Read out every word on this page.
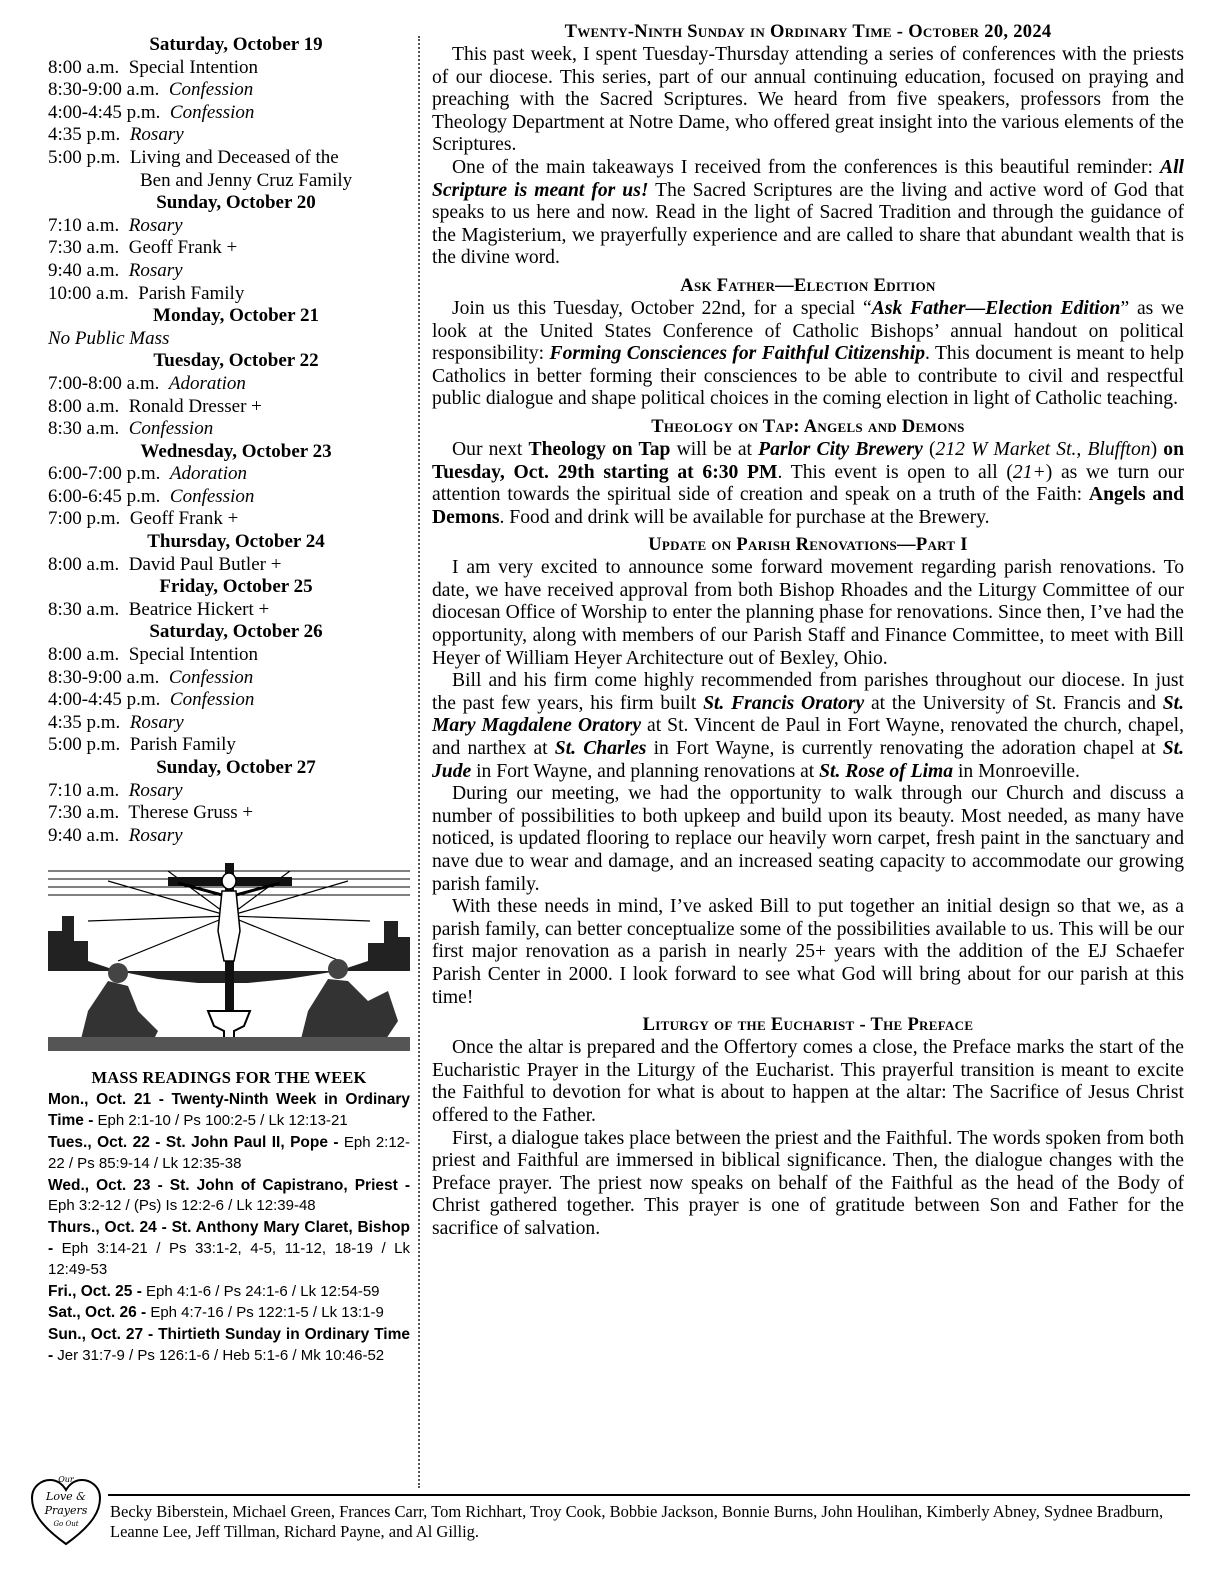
Saturday, October 19
8:00 a.m. Special Intention
8:30-9:00 a.m. Confession
4:00-4:45 p.m. Confession
4:35 p.m. Rosary
5:00 p.m. Living and Deceased of the
Ben and Jenny Cruz Family
Sunday, October 20
7:10 a.m. Rosary
7:30 a.m. Geoff Frank +
9:40 a.m. Rosary
10:00 a.m. Parish Family
Monday, October 21
No Public Mass
Tuesday, October 22
7:00-8:00 a.m. Adoration
8:00 a.m. Ronald Dresser +
8:30 a.m. Confession
Wednesday, October 23
6:00-7:00 p.m. Adoration
6:00-6:45 p.m. Confession
7:00 p.m. Geoff Frank +
Thursday, October 24
8:00 a.m. David Paul Butler +
Friday, October 25
8:30 a.m. Beatrice Hickert +
Saturday, October 26
8:00 a.m. Special Intention
8:30-9:00 a.m. Confession
4:00-4:45 p.m. Confession
4:35 p.m. Rosary
5:00 p.m. Parish Family
Sunday, October 27
7:10 a.m. Rosary
7:30 a.m. Therese Gruss +
9:40 a.m. Rosary
MASS READINGS FOR THE WEEK
Mon., Oct. 21 - Twenty-Ninth Week in Ordinary Time - Eph 2:1-10 / Ps 100:2-5 / Lk 12:13-21
Tues., Oct. 22 - St. John Paul II, Pope - Eph 2:12-22 / Ps 85:9-14 / Lk 12:35-38
Wed., Oct. 23 - St. John of Capistrano, Priest - Eph 3:2-12 / (Ps) Is 12:2-6 / Lk 12:39-48
Thurs., Oct. 24 - St. Anthony Mary Claret, Bishop - Eph 3:14-21 / Ps 33:1-2, 4-5, 11-12, 18-19 / Lk 12:49-53
Fri., Oct. 25 - Eph 4:1-6 / Ps 24:1-6 / Lk 12:54-59
Sat., Oct. 26 - Eph 4:7-16 / Ps 122:1-5 / Lk 13:1-9
Sun., Oct. 27 - Thirtieth Sunday in Ordinary Time - Jer 31:7-9 / Ps 126:1-6 / Heb 5:1-6 / Mk 10:46-52
Twenty-Ninth Sunday in Ordinary Time - October 20, 2024

This past week, I spent Tuesday-Thursday attending a series of conferences with the priests of our diocese. This series, part of our annual continuing education, focused on praying and preaching with the Sacred Scriptures. We heard from five speakers, professors from the Theology Department at Notre Dame, who offered great insight into the various elements of the Scriptures.

One of the main takeaways I received from the conferences is this beautiful reminder: All Scripture is meant for us! The Sacred Scriptures are the living and active word of God that speaks to us here and now. Read in the light of Sacred Tradition and through the guidance of the Magisterium, we prayerfully experience and are called to share that abundant wealth that is the divine word.

Ask Father—Election Edition

Join us this Tuesday, October 22nd, for a special “Ask Father—Election Edition” as we look at the United States Conference of Catholic Bishops’ annual handout on political responsibility: Forming Consciences for Faithful Citizenship. This document is meant to help Catholics in better forming their consciences to be able to contribute to civil and respectful public dialogue and shape political choices in the coming election in light of Catholic teaching.

Theology on Tap: Angels and Demons

Our next Theology on Tap will be at Parlor City Brewery (212 W Market St., Bluffton) on Tuesday, Oct. 29th starting at 6:30 PM. This event is open to all (21+) as we turn our attention towards the spiritual side of creation and speak on a truth of the Faith: Angels and Demons. Food and drink will be available for purchase at the Brewery.

Update on Parish Renovations—Part I

I am very excited to announce some forward movement regarding parish renovations. To date, we have received approval from both Bishop Rhoades and the Liturgy Committee of our diocesan Office of Worship to enter the planning phase for renovations. Since then, I’ve had the opportunity, along with members of our Parish Staff and Finance Committee, to meet with Bill Heyer of William Heyer Architecture out of Bexley, Ohio.

Bill and his firm come highly recommended from parishes throughout our diocese. In just the past few years, his firm built St. Francis Oratory at the University of St. Francis and St. Mary Magdalene Oratory at St. Vincent de Paul in Fort Wayne, renovated the church, chapel, and narthex at St. Charles in Fort Wayne, is currently renovating the adoration chapel at St. Jude in Fort Wayne, and planning renovations at St. Rose of Lima in Monroeville.

During our meeting, we had the opportunity to walk through our Church and discuss a number of possibilities to both upkeep and build upon its beauty. Most needed, as many have noticed, is updated flooring to replace our heavily worn carpet, fresh paint in the sanctuary and nave due to wear and damage, and an increased seating capacity to accommodate our growing parish family.

With these needs in mind, I’ve asked Bill to put together an initial design so that we, as a parish family, can better conceptualize some of the possibilities available to us. This will be our first major renovation as a parish in nearly 25+ years with the addition of the EJ Schaefer Parish Center in 2000. I look forward to see what God will bring about for our parish at this time!

Liturgy of the Eucharist - The Preface

Once the altar is prepared and the Offertory comes a close, the Preface marks the start of the Eucharistic Prayer in the Liturgy of the Eucharist. This prayerful transition is meant to excite the Faithful to devotion for what is about to happen at the altar: The Sacrifice of Jesus Christ offered to the Father.

First, a dialogue takes place between the priest and the Faithful. The words spoken from both priest and Faithful are immersed in biblical significance. Then, the dialogue changes with the Preface prayer. The priest now speaks on behalf of the Faithful as the head of the Body of Christ gathered together. This prayer is one of gratitude between Son and Father for the sacrifice of salvation.

Our
Love &
Prayers
Go Out
Becky Biberstein, Michael Green, Frances Carr, Tom Richhart, Troy Cook, Bobbie Jackson, Bonnie Burns, John Houlihan, Kimberly Abney, Sydnee Bradburn, Leanne Lee, Jeff Tillman, Richard Payne, and Al Gillig.
